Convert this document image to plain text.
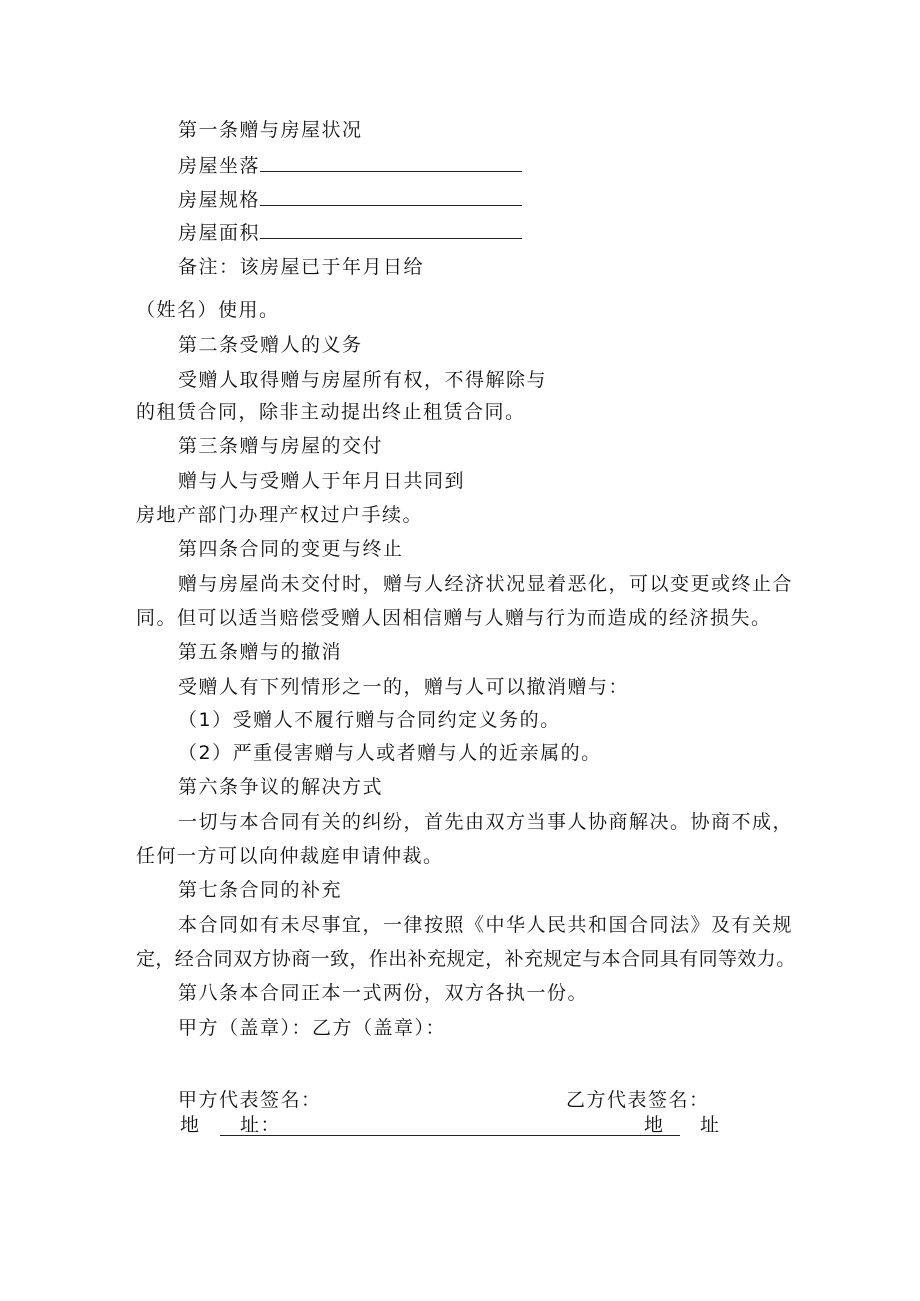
第一条赠与房屋状况
房屋坐落
房屋规格
房屋面积
备注：该房屋已于年月日给
（姓名）使用。
第二条受赠人的义务
受赠人取得赠与房屋所有权，不得解除与
的租赁合同，除非主动提出终止租赁合同。
第三条赠与房屋的交付
赠与人与受赠人于年月日共同到
房地产部门办理产权过户手续。
第四条合同的变更与终止
赠与房屋尚未交付时，赠与人经济状况显着恶化，可以变更或终止合
同。但可以适当赔偿受赠人因相信赠与人赠与行为而造成的经济损失。
第五条赠与的撤消
受赠人有下列情形之一的，赠与人可以撤消赠与：
（1）受赠人不履行赠与合同约定义务的。
（2）严重侵害赠与人或者赠与人的近亲属的。
第六条争议的解决方式
一切与本合同有关的纠纷，首先由双方当事人协商解决。协商不成，
任何一方可以向仲裁庭申请仲裁。
第七条合同的补充
本合同如有未尽事宜，一律按照《中华人民共和国合同法》及有关规
定，经合同双方协商一致，作出补充规定，补充规定与本合同具有同等效力。
第八条本合同正本一式两份，双方各执一份。
甲方（盖章）：乙方（盖章）：
甲方代表签名：	乙方代表签名：
地	址：	地 址
